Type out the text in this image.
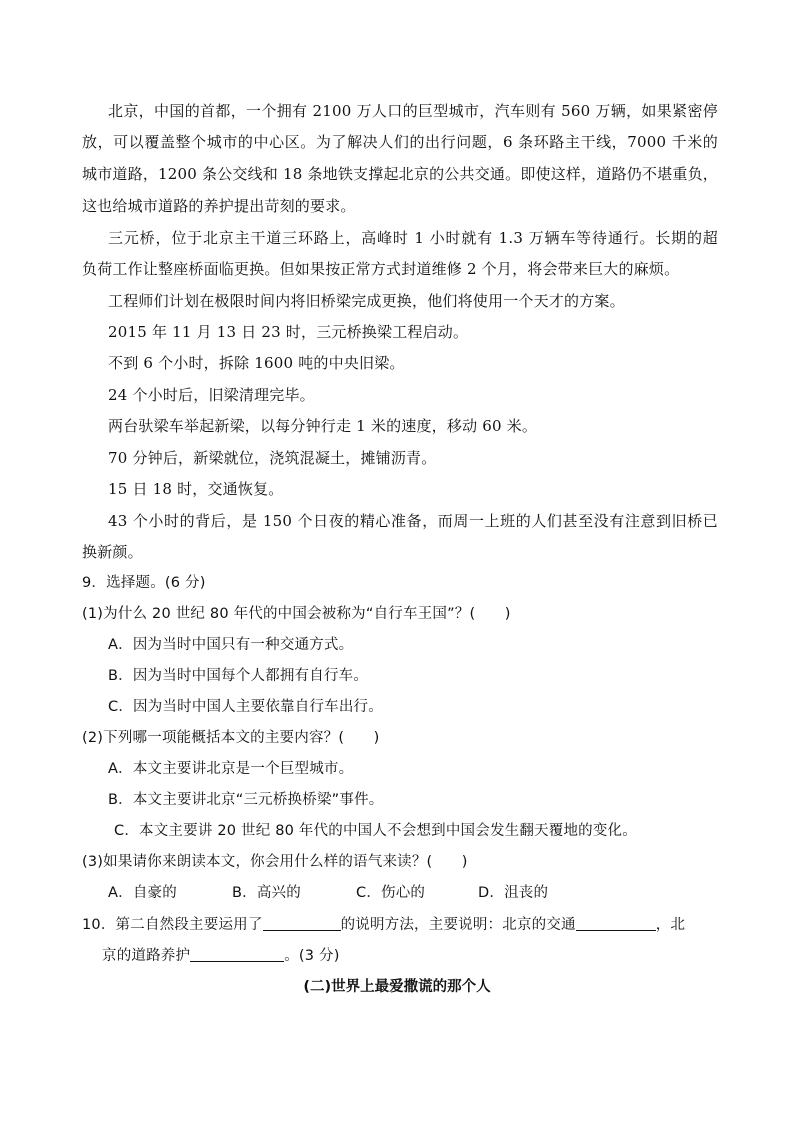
北京，中国的首都，一个拥有 2100 万人口的巨型城市，汽车则有 560 万辆，如果紧密停
放，可以覆盖整个城市的中心区。为了解决人们的出行问题，6 条环路主干线，7000 千米的
城市道路，1200 条公交线和 18 条地铁支撑起北京的公共交通。即使这样，道路仍不堪重负，
这也给城市道路的养护提出苛刻的要求。
三元桥，位于北京主干道三环路上，高峰时 1 小时就有 1.3 万辆车等待通行。长期的超
负荷工作让整座桥面临更换。但如果按正常方式封道维修 2 个月，将会带来巨大的麻烦。
工程师们计划在极限时间内将旧桥梁完成更换，他们将使用一个天才的方案。
2015 年 11 月 13 日 23 时，三元桥换梁工程启动。
不到 6 个小时，拆除 1600 吨的中央旧梁。
24 个小时后，旧梁清理完毕。
两台驮梁车举起新梁，以每分钟行走 1 米的速度，移动 60 米。
70 分钟后，新梁就位，浇筑混凝土，摊铺沥青。
15 日 18 时，交通恢复。
43 个小时的背后，是 150 个日夜的精心准备，而周一上班的人们甚至没有注意到旧桥已
换新颜。
9．选择题。(6 分)
(1)为什么 20 世纪 80 年代的中国会被称为“自行车王国”？(　　)
A．因为当时中国只有一种交通方式。
B．因为当时中国每个人都拥有自行车。
C．因为当时中国人主要依靠自行车出行。
(2)下列哪一项能概括本文的主要内容？(　　)
A．本文主要讲北京是一个巨型城市。
B．本文主要讲北京“三元桥换桥梁”事件。
C．本文主要讲 20 世纪 80 年代的中国人不会想到中国会发生翻天覆地的变化。
(3)如果请你来朗读本文，你会用什么样的语气来读？(　　)
A．自豪的	B．高兴的	C．伤心的	D．沮丧的
10．第二自然段主要运用了	的说明方法，主要说明：北京的交通	，北
京的道路养护	。(3 分)
(二)世界上最爱撒谎的那个人
